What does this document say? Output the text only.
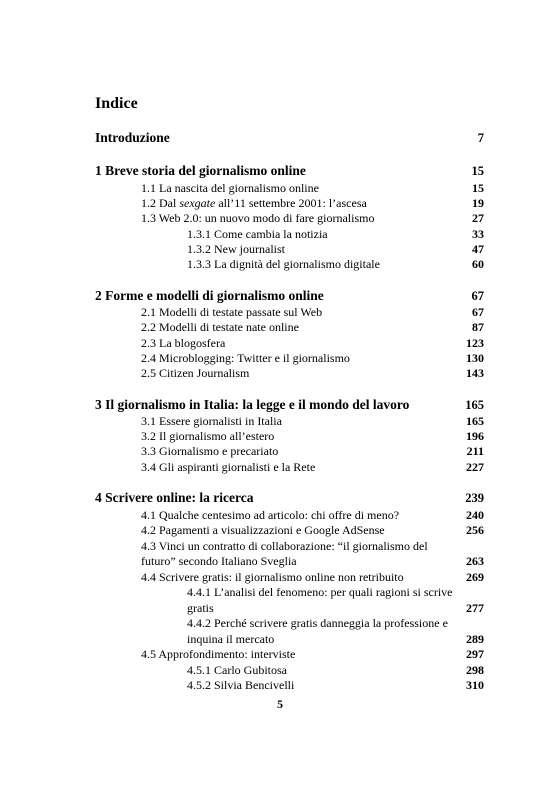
Indice
Introduzione	7
1 Breve storia del giornalismo online	15
1.1 La nascita del giornalismo online	15
1.2 Dal sexgate all’11 settembre 2001: l’ascesa	19
1.3 Web 2.0: un nuovo modo di fare giornalismo	27
1.3.1 Come cambia la notizia	33
1.3.2 New journalist	47
1.3.3 La dignità del giornalismo digitale	60
2 Forme e modelli di giornalismo online	67
2.1 Modelli di testate passate sul Web	67
2.2 Modelli di testate nate online	87
2.3 La blogosfera	123
2.4 Microblogging: Twitter e il giornalismo	130
2.5 Citizen Journalism	143
3 Il giornalismo in Italia: la legge e il mondo del lavoro	165
3.1 Essere giornalisti in Italia	165
3.2 Il giornalismo all’estero	196
3.3 Giornalismo e precariato	211
3.4 Gli aspiranti giornalisti e la Rete	227
4 Scrivere online: la ricerca	239
4.1 Qualche centesimo ad articolo: chi offre di meno?	240
4.2 Pagamenti a visualizzazioni e Google AdSense	256
4.3 Vinci un contratto di collaborazione: “il giornalismo del
futuro” secondo Italiano Sveglia	263
4.4 Scrivere gratis: il giornalismo online non retribuito	269
4.4.1 L’analisi del fenomeno: per quali ragioni si scrive
gratis	277
4.4.2 Perché scrivere gratis danneggia la professione e
inquina il mercato	289
4.5 Approfondimento: interviste	297
4.5.1 Carlo Gubitosa	298
4.5.2 Silvia Bencivelli	310
5
